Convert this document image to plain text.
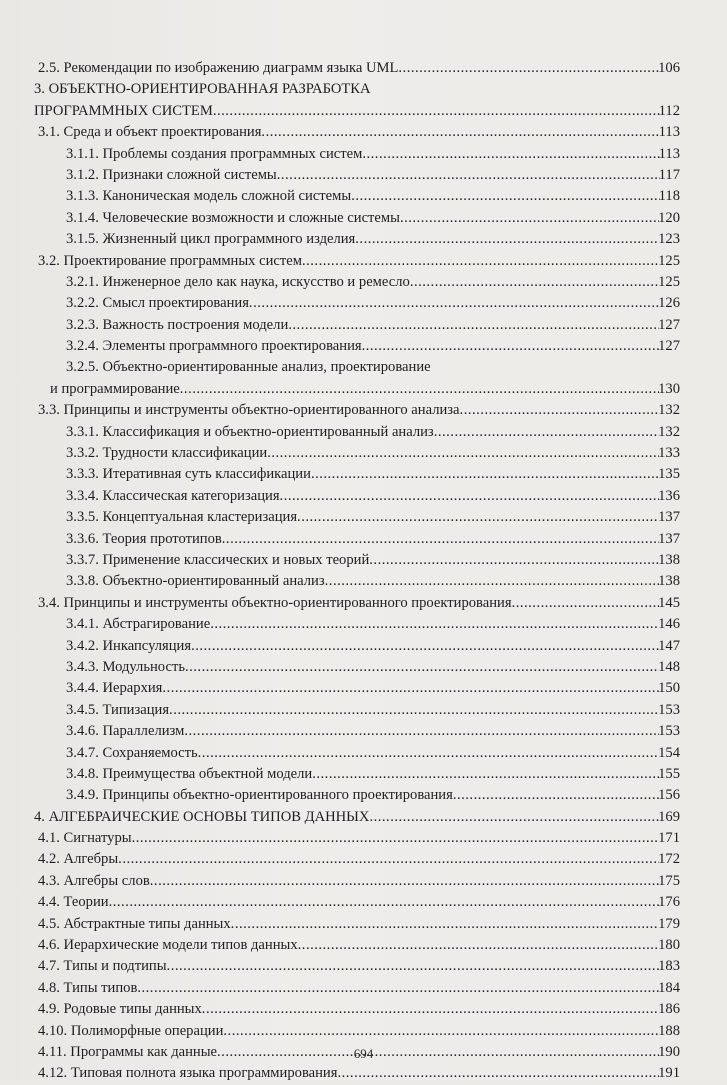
2.5. Рекомендации по изображению диаграмм языка UML .....	106
3. ОБЪЕКТНО-ОРИЕНТИРОВАННАЯ РАЗРАБОТКА
ПРОГРАММНЫХ СИСТЕМ .....	112
3.1. Среда и объект проектирования .....	113
3.1.1. Проблемы создания программных систем .....	113
3.1.2. Признаки сложной системы .....	117
3.1.3. Каноническая модель сложной системы .....	118
3.1.4. Человеческие возможности и сложные системы .....	120
3.1.5. Жизненный цикл программного изделия .....	123
3.2. Проектирование программных систем .....	125
3.2.1. Инженерное дело как наука, искусство и ремесло .....	125
3.2.2. Смысл проектирования .....	126
3.2.3. Важность построения модели .....	127
3.2.4. Элементы программного проектирования .....	127
3.2.5. Объектно-ориентированные анализ, проектирование
и программирование .....	130
3.3. Принципы и инструменты объектно-ориентированного анализа .....	132
3.3.1. Классификация и объектно-ориентированный анализ .....	132
3.3.2. Трудности классификации .....	133
3.3.3. Итеративная суть классификации .....	135
3.3.4. Классическая категоризация .....	136
3.3.5. Концептуальная кластеризация .....	137
3.3.6. Теория прототипов .....	137
3.3.7. Применение классических и новых теорий .....	138
3.3.8. Объектно-ориентированный анализ .....	138
3.4. Принципы и инструменты объектно-ориентированного проектирования .....	145
3.4.1. Абстрагирование .....	146
3.4.2. Инкапсуляция .....	147
3.4.3. Модульность .....	148
3.4.4. Иерархия .....	150
3.4.5. Типизация .....	153
3.4.6. Параллелизм .....	153
3.4.7. Сохраняемость .....	154
3.4.8. Преимущества объектной модели .....	155
3.4.9. Принципы объектно-ориентированного проектирования .....	156
4. АЛГЕБРАИЧЕСКИЕ ОСНОВЫ ТИПОВ ДАННЫХ .....	169
4.1. Сигнатуры .....	171
4.2. Алгебры .....	172
4.3. Алгебры слов .....	175
4.4. Теории .....	176
4.5. Абстрактные типы данных .....	179
4.6. Иерархические модели типов данных .....	180
4.7. Типы и подтипы .....	183
4.8. Типы типов .....	184
4.9. Родовые типы данных .....	186
4.10. Полиморфные операции .....	188
4.11. Программы как данные .....	190
4.12. Типовая полнота языка программирования .....	191
694
